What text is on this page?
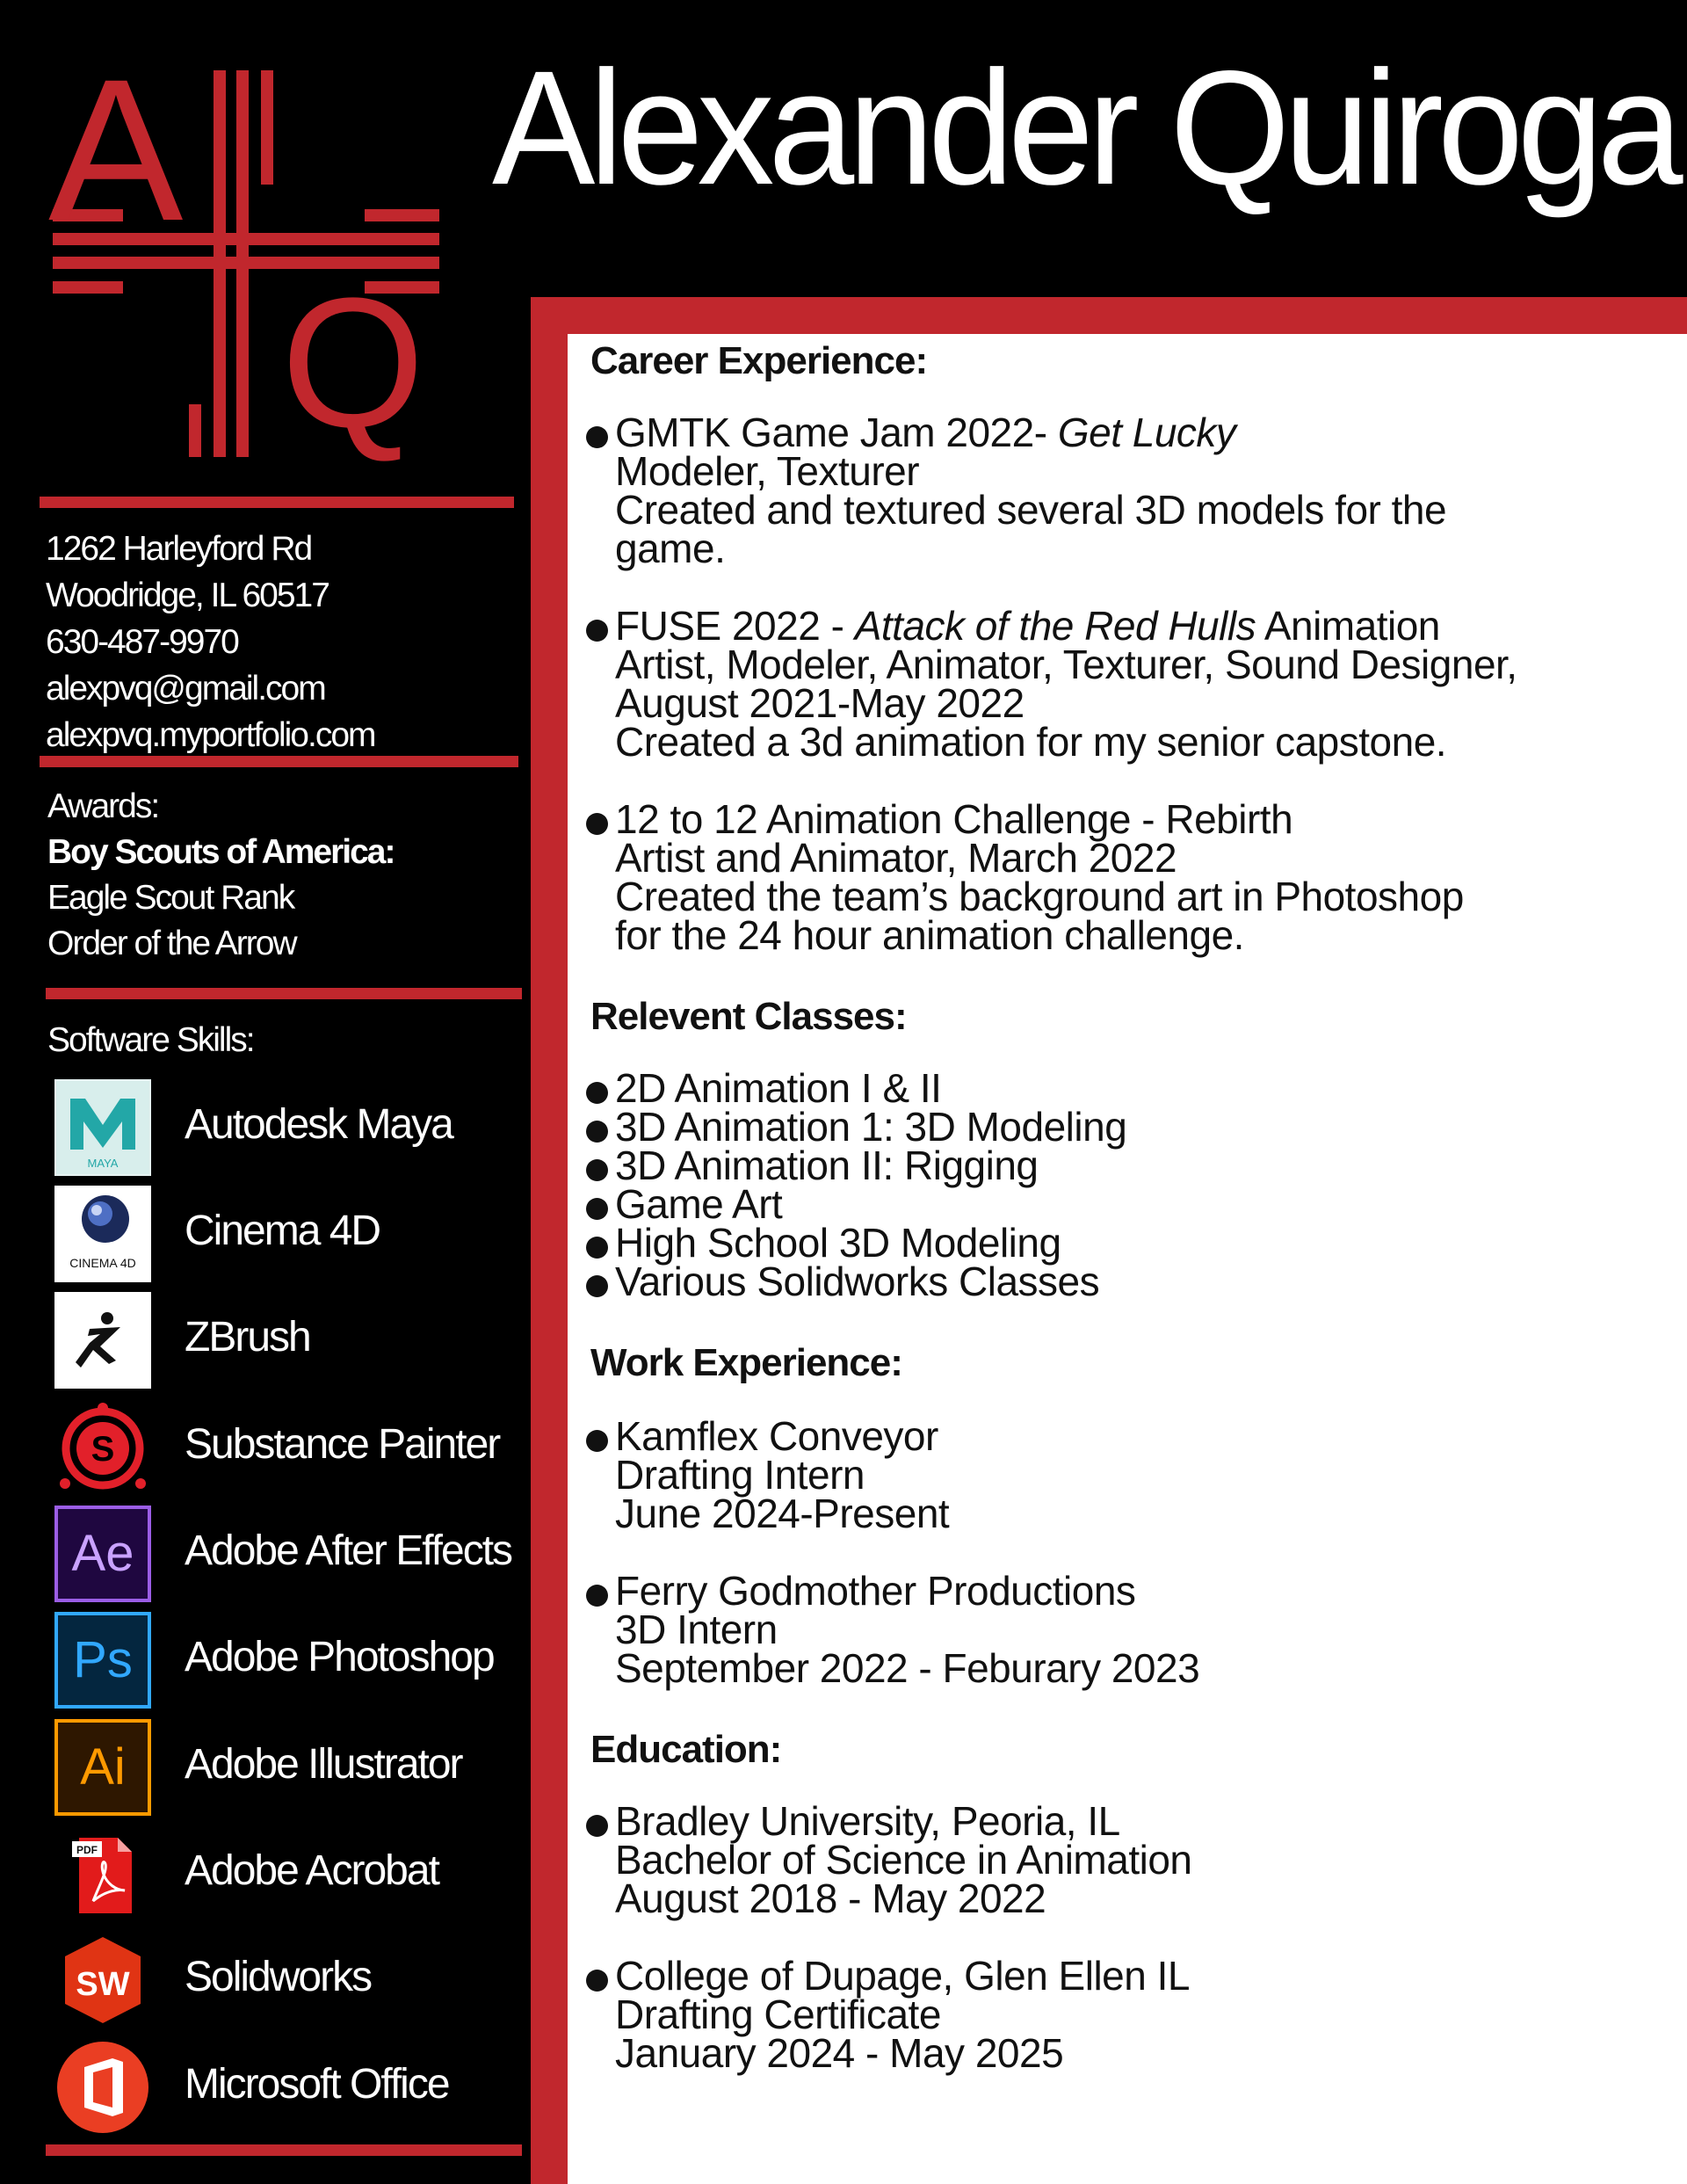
A
Q
Alexander Quiroga
1262 Harleyford Rd
Woodridge, IL 60517
630-487-9970
alexpvq@gmail.com
alexpvq.myportfolio.com
Awards:
Boy Scouts of America:
Eagle Scout Rank
Order of the Arrow
Software Skills:
MAYA
Autodesk Maya
CINEMA 4D
Cinema 4D
ZBrush
S Substance Painter
Ae Adobe After Effects
Ps Adobe Photoshop
Ai Adobe Illustrator
PDF Adobe Acrobat
SW Solidworks
Microsoft Office
Career Experience:
GMTK Game Jam 2022- Get Lucky
Modeler, Texturer
Created and textured several 3D models for the
game.
FUSE 2022 - Attack of the Red Hulls Animation
Artist, Modeler, Animator, Texturer, Sound Designer,
August 2021-May 2022
Created a 3d animation for my senior capstone.
12 to 12 Animation Challenge - Rebirth
Artist and Animator, March 2022
Created the team’s background art in Photoshop
for the 24 hour animation challenge.
Relevent Classes:
2D Animation I & II
3D Animation 1: 3D Modeling
3D Animation II: Rigging
Game Art
High School 3D Modeling
Various Solidworks Classes
Work Experience:
Kamflex Conveyor
Drafting Intern
June 2024-Present
Ferry Godmother Productions
3D Intern
September 2022 - Feburary 2023
Education:
Bradley University, Peoria, IL
Bachelor of Science in Animation
August 2018 - May 2022
College of Dupage, Glen Ellen IL
Drafting Certificate
January 2024 - May 2025
